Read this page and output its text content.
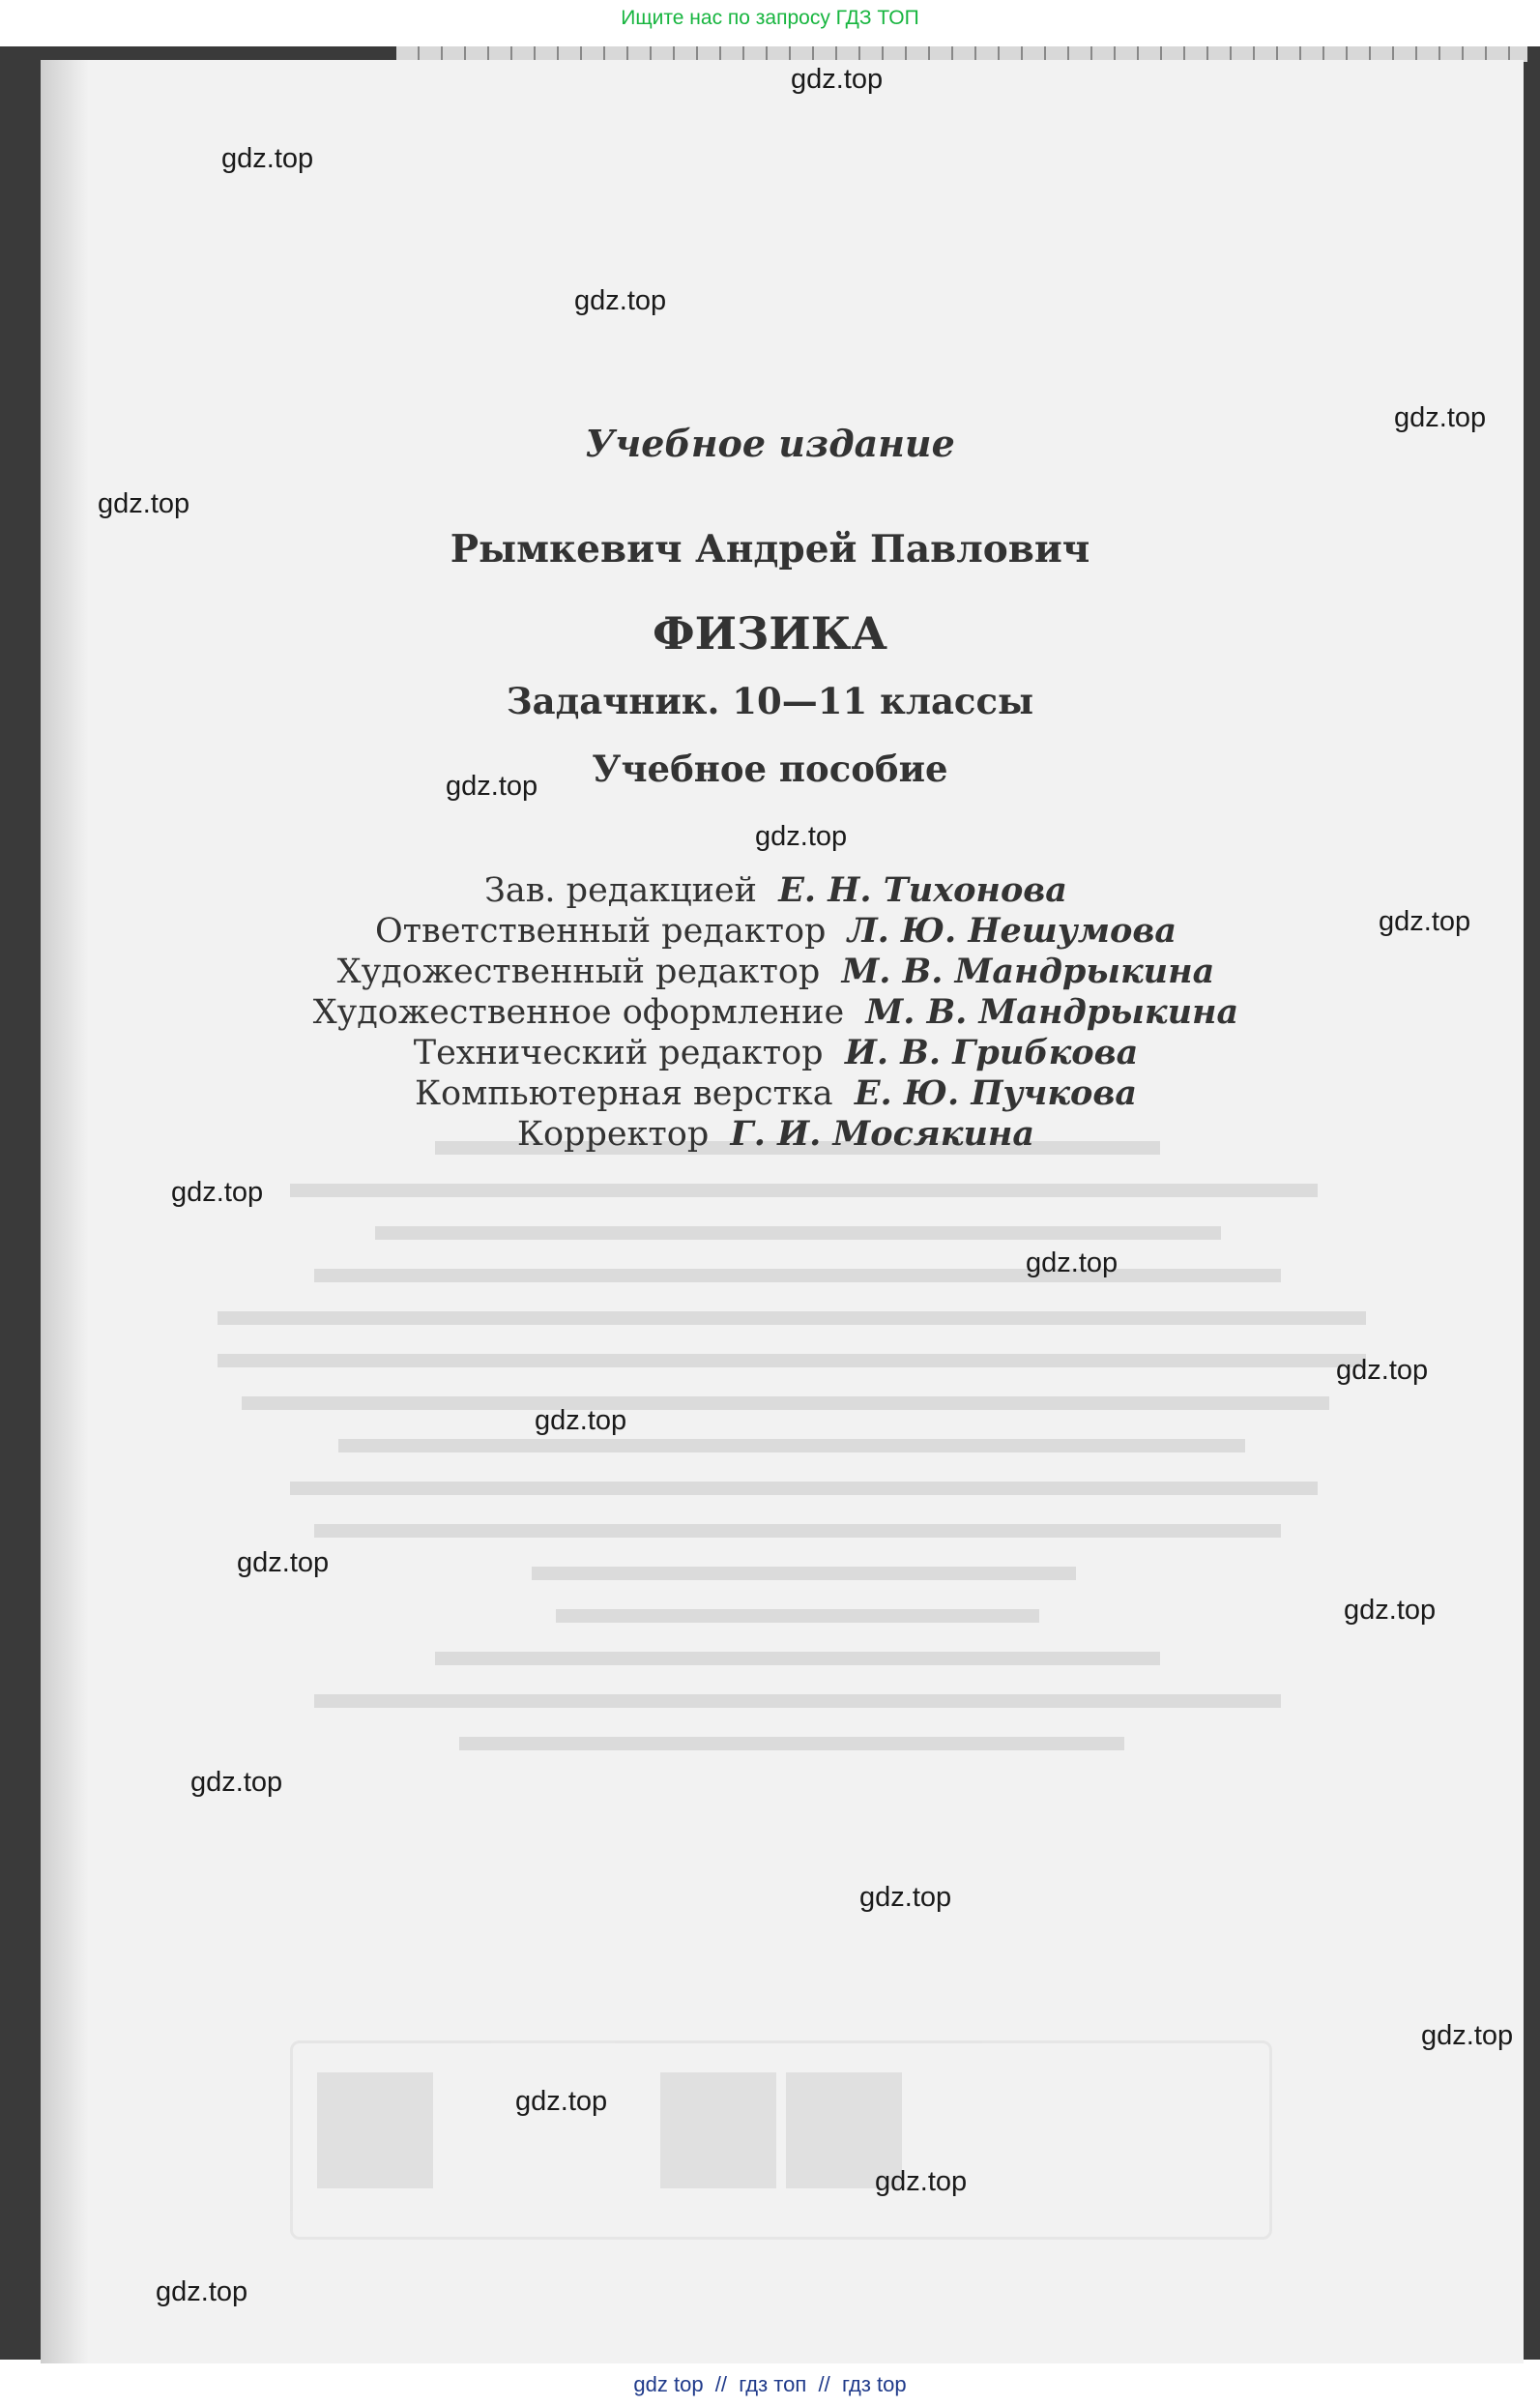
Ищите нас по запросу ГДЗ ТОП
Учебное издание
Рымкевич Андрей Павлович
ФИЗИКА
Задачник. 10—11 классы
Учебное пособие
Зав. редакцией Е. Н. Тихонова
Ответственный редактор Л. Ю. Нешумова
Художественный редактор М. В. Мандрыкина
Художественное оформление М. В. Мандрыкина
Технический редактор И. В. Грибкова
Компьютерная верстка Е. Ю. Пучкова
Корректор Г. И. Мосякина
gdz.top
gdz.top
gdz.top
gdz.top
gdz.top
gdz.top
gdz.top
gdz.top
gdz.top
gdz.top
gdz.top
gdz.top
gdz.top
gdz.top
gdz.top
gdz.top
gdz.top
gdz.top
gdz.top
gdz.top
gdz top  //  гдз топ  //  гдз top
